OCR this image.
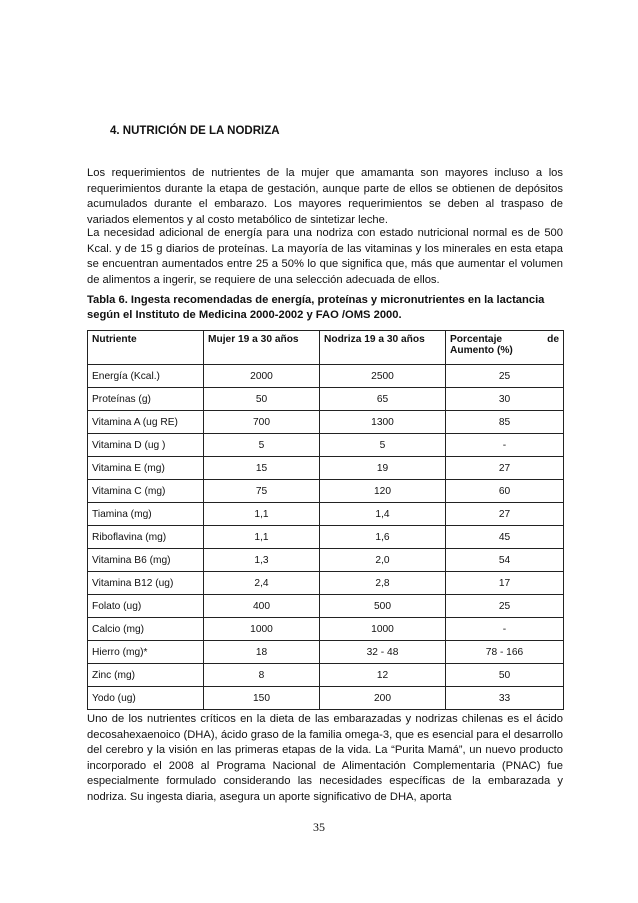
4. NUTRICIÓN DE LA NODRIZA
Los requerimientos de nutrientes de la mujer que amamanta son mayores incluso a los requerimientos durante la etapa de gestación, aunque parte de ellos se obtienen de depósitos acumulados durante el embarazo. Los mayores requerimientos se deben al traspaso de variados elementos y al costo metabólico de sintetizar leche.
La necesidad adicional de energía para una nodriza con estado nutricional normal es de 500 Kcal. y de 15 g diarios de proteínas. La mayoría de las vitaminas y los minerales en esta etapa se encuentran aumentados entre 25 a 50% lo que significa que, más que aumentar el volumen de alimentos a ingerir, se requiere de una selección adecuada de ellos.
Tabla 6. Ingesta recomendadas de energía, proteínas y micronutrientes en la lactancia según el Instituto de Medicina 2000-2002 y FAO /OMS 2000.
Nutriente	Mujer 19 a 30 años	Nodriza 19 a 30 años	Porcentaje de
Aumento (%)

Energía (Kcal.)	2000	2500	25
Proteínas (g)	50	65	30
Vitamina A (ug RE)	700	1300	85
Vitamina D (ug )	5	5	-
Vitamina E (mg)	15	19	27
Vitamina C (mg)	75	120	60
Tiamina (mg)	1,1	1,4	27
Riboflavina (mg)	1,1	1,6	45
Vitamina B6 (mg)	1,3	2,0	54
Vitamina B12 (ug)	2,4	2,8	17
Folato (ug)	400	500	25
Calcio (mg)	1000	1000	-
Hierro (mg)*	18	32 - 48	78 - 166
Zinc (mg)	8	12	50
Yodo (ug)	150	200	33
Uno de los nutrientes críticos en la dieta de las embarazadas y nodrizas chilenas es el ácido decosahexaenoico (DHA), ácido graso de la familia omega-3, que es esencial para el desarrollo del cerebro y la visión en las primeras etapas de la vida. La “Purita Mamá”, un nuevo producto incorporado el 2008 al Programa Nacional de Alimentación Complementaria (PNAC) fue especialmente formulado considerando las necesidades específicas de la embarazada y nodriza. Su ingesta diaria, asegura un aporte significativo de DHA, aporta
35
